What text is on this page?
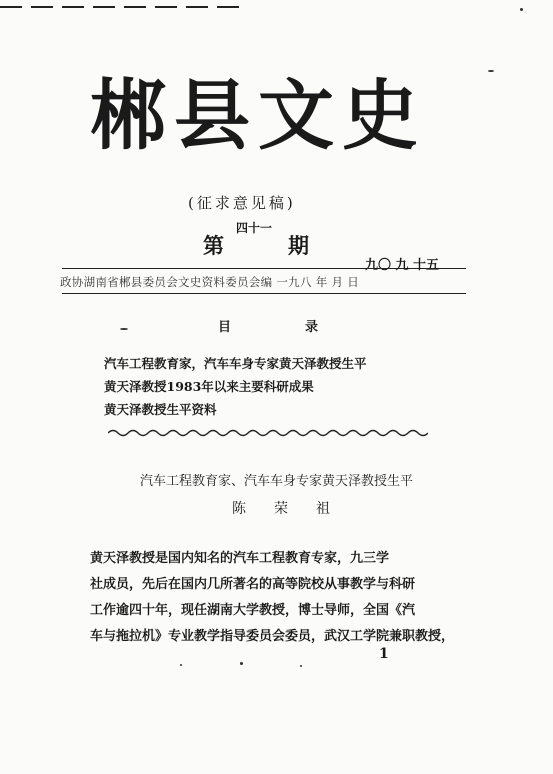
郴县文史
(征求意见稿)
四十一
第	期
九〇 九 十五
政协湖南省郴县委员会文史资料委员会编 一九八 年 月 日
目	录
汽车工程教育家，汽车车身专家黄天泽教授生平
黄天泽教授1983年以来主要科研成果
黄天泽教授生平资料
汽车工程教育家、汽车车身专家黄天泽教授生平
陈 荣 祖
黄天泽教授是国内知名的汽车工程教育专家，九三学
社成员，先后在国内几所著名的高等院校从事教学与科研
工作逾四十年，现任湖南大学教授，博士导师，全国《汽
车与拖拉机》专业教学指导委员会委员，武汉工学院兼职教授，
1
